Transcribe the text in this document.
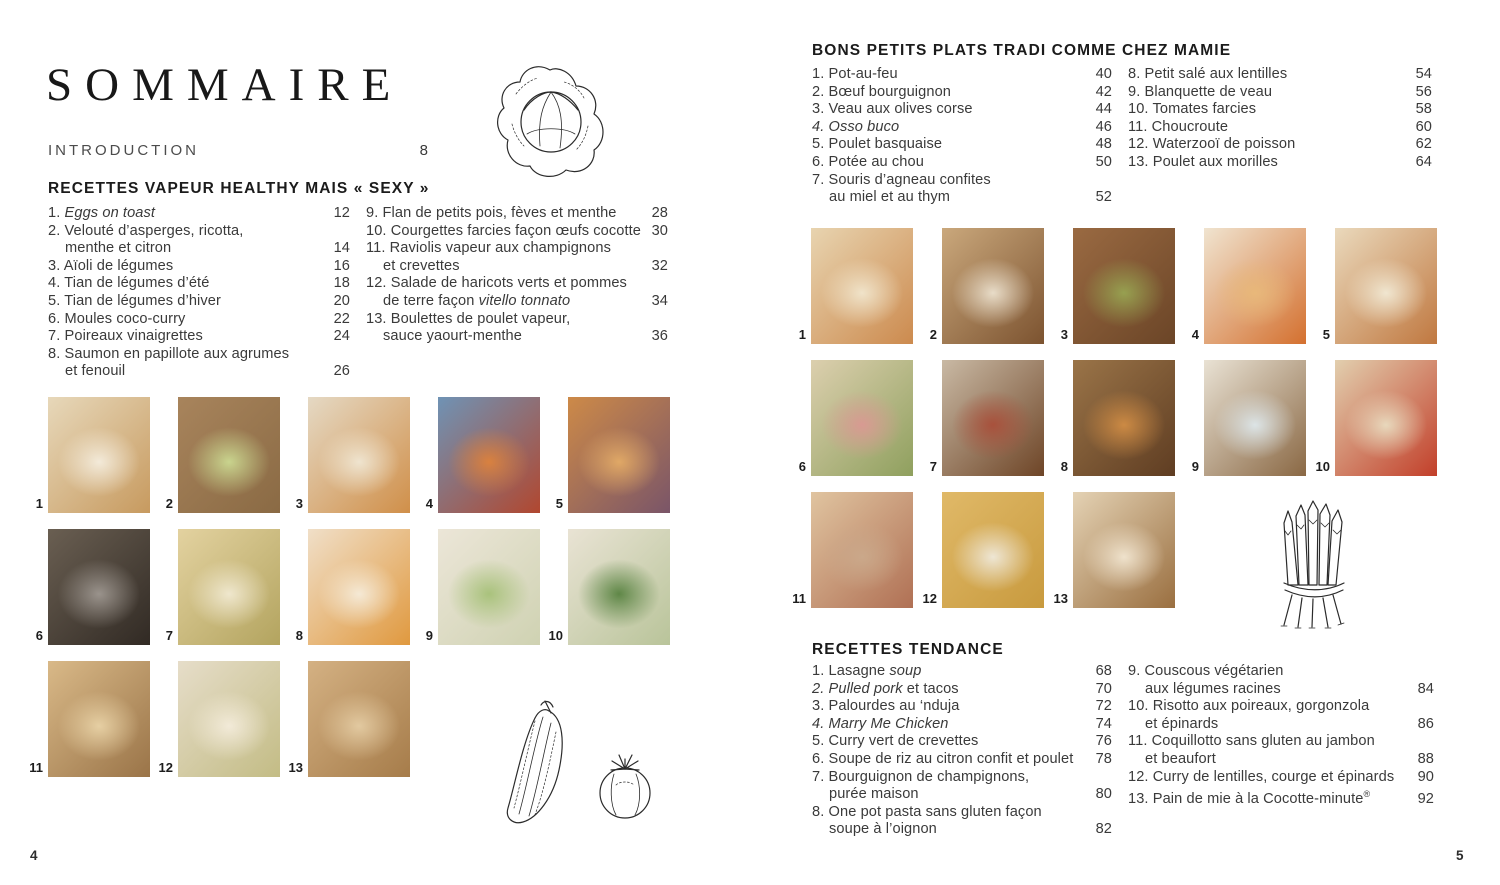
SOMMAIRE
INTRODUCTION	8
RECETTES VAPEUR HEALTHY MAIS « SEXY »
1. Eggs on toast	12
2. Velouté d’asperges, ricotta,
menthe et citron	14
3. Aïoli de légumes	16
4. Tian de légumes d’été	18
5. Tian de légumes d’hiver	20
6. Moules coco-curry	22
7. Poireaux vinaigrettes	24
8. Saumon en papillote aux agrumes
et fenouil	26
9. Flan de petits pois, fèves et menthe	28
10. Courgettes farcies façon œufs cocotte 30
11. Raviolis vapeur aux champignons
et crevettes	32
12. Salade de haricots verts et pommes
de terre façon vitello tonnato	34
13. Boulettes de poulet vapeur,
sauce yaourt-menthe	36
1	2	3	4	5
6	7	8	9	10
11	12	13
4
BONS PETITS PLATS TRADI COMME CHEZ MAMIE
1. Pot-au-feu	40
2. Bœuf bourguignon	42
3. Veau aux olives corse	44
4. Osso buco	46
5. Poulet basquaise	48
6. Potée au chou	50
7. Souris d’agneau confites
au miel et au thym	52
8. Petit salé aux lentilles	54
9. Blanquette de veau	56
10. Tomates farcies	58
11. Choucroute	60
12. Waterzooï de poisson	62
13. Poulet aux morilles	64
1	2	3	4	5
6	7	8	9	10
11	12	13
RECETTES TENDANCE
1. Lasagne soup	68
2. Pulled pork et tacos	70
3. Palourdes au ‘nduja	72
4. Marry Me Chicken	74
5. Curry vert de crevettes	76
6. Soupe de riz au citron confit et poulet	78
7. Bourguignon de champignons,
purée maison	80
8. One pot pasta sans gluten façon
soupe à l’oignon	82
9. Couscous végétarien
aux légumes racines	84
10. Risotto aux poireaux, gorgonzola
et épinards	86
11. Coquillotto sans gluten au jambon
et beaufort	88
12. Curry de lentilles, courge et épinards	90
13. Pain de mie à la Cocotte-minute®	92
5
